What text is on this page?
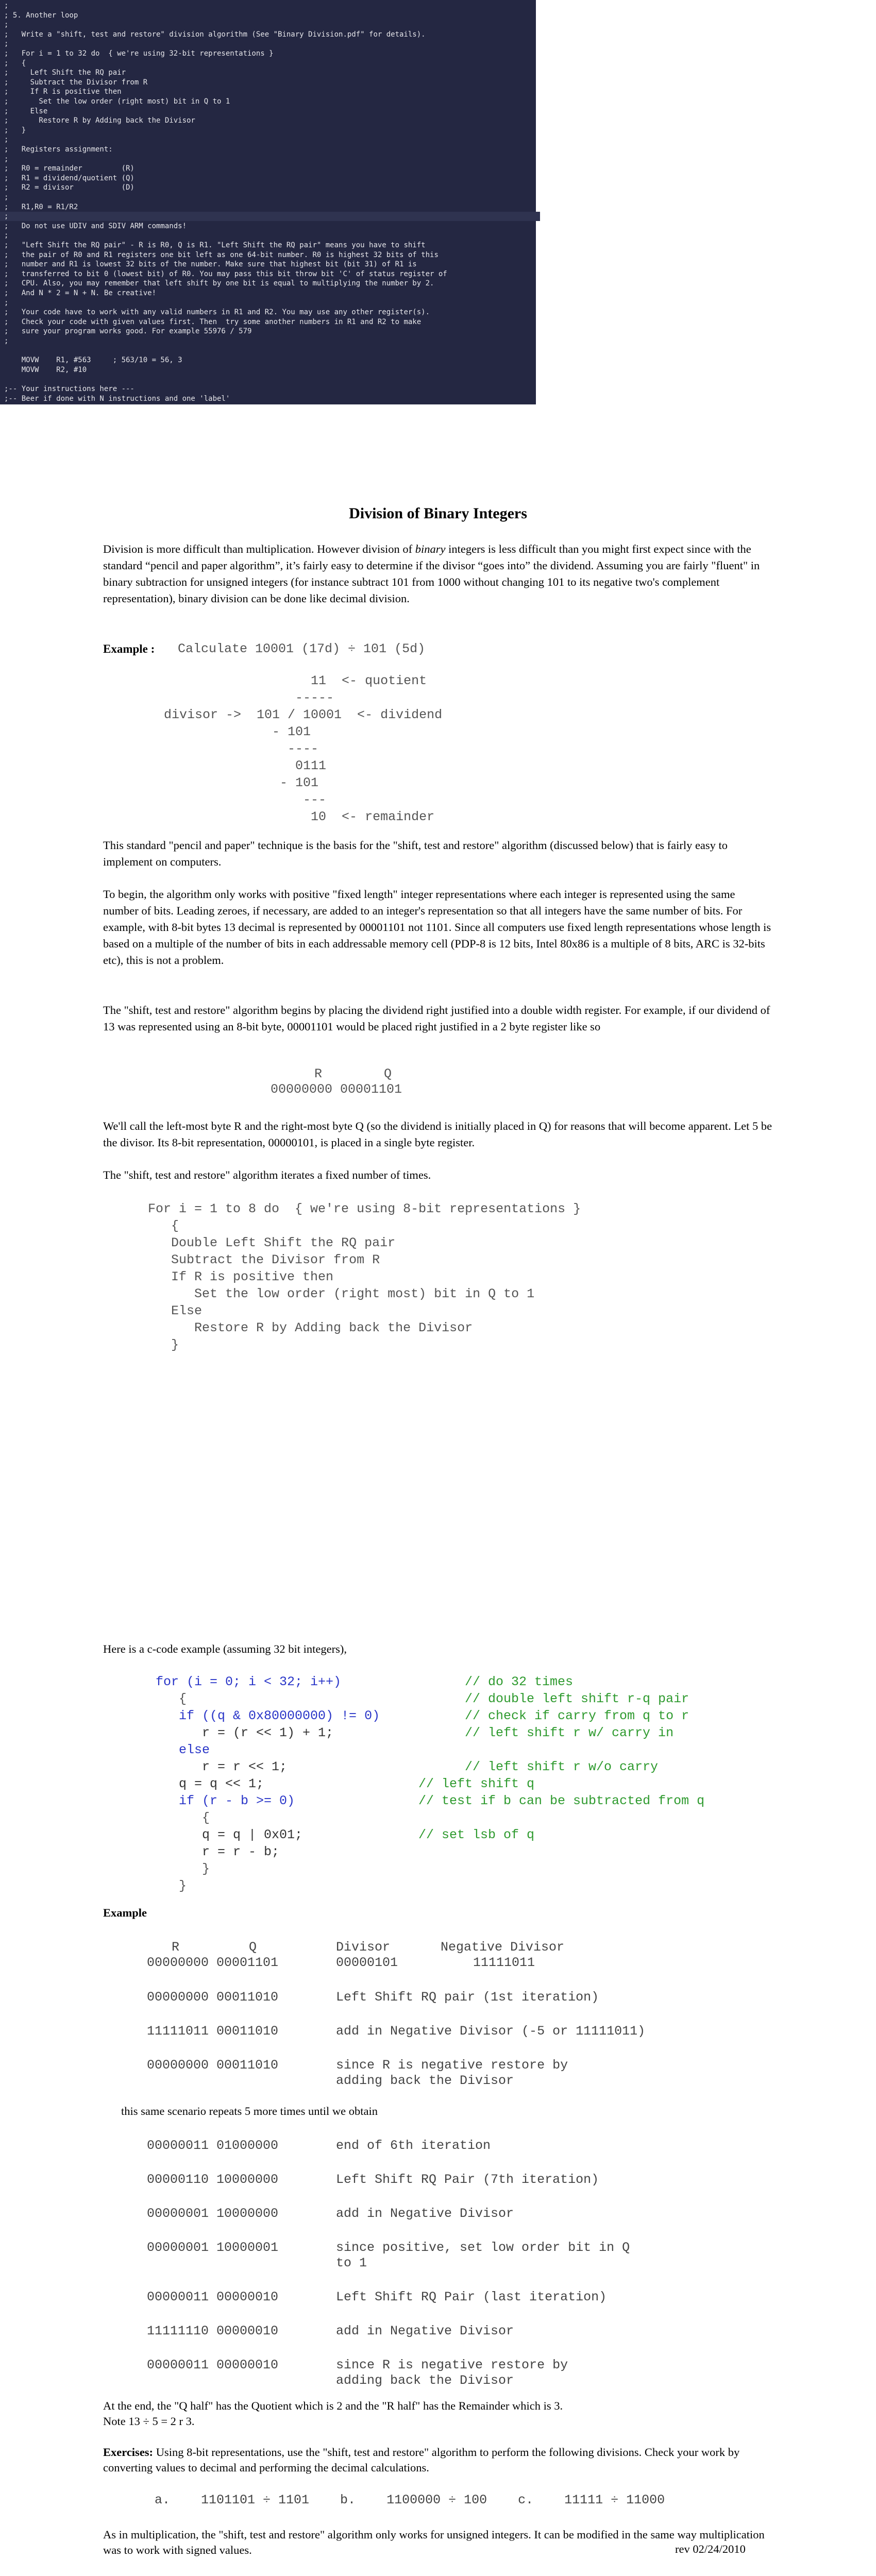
;
; 5. Another loop
;
;   Write a "shift, test and restore" division algorithm (See "Binary Division.pdf" for details).
;
;   For i = 1 to 32 do  { we're using 32-bit representations }
;   {
;     Left Shift the RQ pair
;     Subtract the Divisor from R
;     If R is positive then
;       Set the low order (right most) bit in Q to 1
;     Else
;       Restore R by Adding back the Divisor
;   }
;
;   Registers assignment:
;
;   R0 = remainder         (R)
;   R1 = dividend/quotient (Q)
;   R2 = divisor           (D)
;
;   R1,R0 = R1/R2
;
;   Do not use UDIV and SDIV ARM commands!
;
;   "Left Shift the RQ pair" - R is R0, Q is R1. "Left Shift the RQ pair" means you have to shift
;   the pair of R0 and R1 registers one bit left as one 64-bit number. R0 is highest 32 bits of this
;   number and R1 is lowest 32 bits of the number. Make sure that highest bit (bit 31) of R1 is
;   transferred to bit 0 (lowest bit) of R0. You may pass this bit throw bit 'C' of status register of
;   CPU. Also, you may remember that left shift by one bit is equal to multiplying the number by 2.
;   And N * 2 = N + N. Be creative!
;
;   Your code have to work with any valid numbers in R1 and R2. You may use any other register(s).
;   Check your code with given values first. Then  try some another numbers in R1 and R2 to make
;   sure your program works good. For example 55976 / 579
;
MOVW    R1, #563     ; 563/10 = 56, 3
MOVW    R2, #10
;-- Your instructions here ---
;-- Beer if done with N instructions and one 'label'
Division of Binary Integers
Division is more difficult than multiplication. However division of binary integers is less difficult than you might first expect since with the standard “pencil and paper algorithm”, it’s fairly easy to determine if the divisor “goes into” the dividend. Assuming you are fairly "fluent" in binary subtraction for unsigned integers (for instance subtract 101 from 1000 without changing 101 to its negative two's complement representation), binary division can be done like decimal division.
Example : Calculate 10001 (17d) ÷ 101 (5d)
11  <- quotient
-----
divisor ->  101 / 10001  <- dividend
- 101
----
0111
- 101
---
10  <- remainder
This standard "pencil and paper" technique is the basis for the "shift, test and restore" algorithm (discussed below) that is fairly easy to implement on computers.
To begin, the algorithm only works with positive "fixed length" integer representations where each integer is represented using the same number of bits. Leading zeroes, if necessary, are added to an integer's representation so that all integers have the same number of bits. For example, with 8-bit bytes 13 decimal is represented by 00001101 not 1101. Since all computers use fixed length representations whose length is based on a multiple of the number of bits in each addressable memory cell (PDP-8 is 12 bits, Intel 80x86 is a multiple of 8 bits, ARC is 32-bits etc), this is not a problem.
The "shift, test and restore" algorithm begins by placing the dividend right justified into a double width register. For example, if our dividend of 13 was represented using an 8-bit byte, 00001101 would be placed right justified in a 2 byte register like so
R        Q
00000000 00001101
We'll call the left-most byte R and the right-most byte Q (so the dividend is initially placed in Q) for reasons that will become apparent. Let 5 be the divisor. Its 8-bit representation, 00000101, is placed in a single byte register.
The "shift, test and restore" algorithm iterates a fixed number of times.
For i = 1 to 8 do  { we're using 8-bit representations }
{
Double Left Shift the RQ pair
Subtract the Divisor from R
If R is positive then
Set the low order (right most) bit in Q to 1
Else
Restore R by Adding back the Divisor
}
Here is a c-code example (assuming 32 bit integers),
for (i = 0; i < 32; i++)	// do 32 times
{	// double left shift r-q pair
if ((q & 0x80000000) != 0)	// check if carry from q to r
r = (r << 1) + 1;	// left shift r w/ carry in
else
r = r << 1;	// left shift r w/o carry
q = q << 1;	// left shift q
if (r - b >= 0)	// test if b can be subtracted from q
{
q = q | 0x01;	// set lsb of q
r = r - b;
}
}
Example
R	Q	Divisor	Negative Divisor
00000000 00001101	00000101	11111011
00000000 00011010	Left Shift RQ pair (1st iteration)
11111011 00011010	add in Negative Divisor (-5 or 11111011)
00000000 00011010	since R is negative restore by
adding back the Divisor
this same scenario repeats 5 more times until we obtain
00000011 01000000	end of 6th iteration
00000110 10000000	Left Shift RQ Pair (7th iteration)
00000001 10000000	add in Negative Divisor
00000001 10000001	since positive, set low order bit in Q
to 1
00000011 00000010	Left Shift RQ Pair (last iteration)
11111110 00000010	add in Negative Divisor
00000011 00000010	since R is negative restore by
adding back the Divisor
At the end, the "Q half" has the Quotient which is 2 and the "R half" has the Remainder which is 3.
Note 13 ÷ 5 = 2 r 3.
Exercises: Using 8-bit representations, use the "shift, test and restore" algorithm to perform the following divisions. Check your work by converting values to decimal and performing the decimal calculations.
a.    1101101 ÷ 1101    b.    1100000 ÷ 100    c.    11111 ÷ 11000
As in multiplication, the "shift, test and restore" algorithm only works for unsigned integers. It can be modified in the same way multiplication was to work with signed values.	rev 02/24/2010
